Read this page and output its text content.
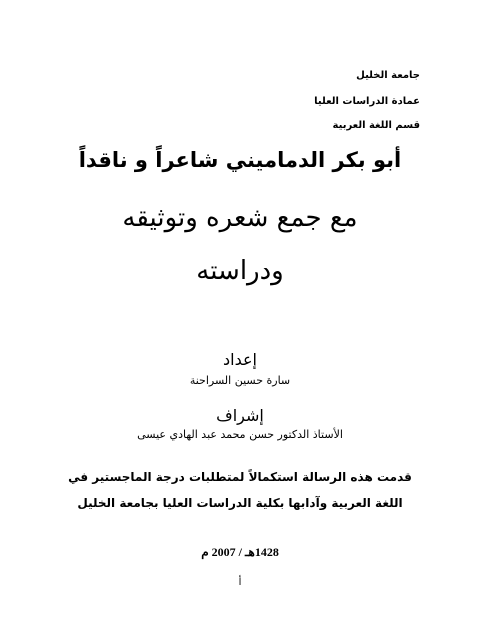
جامعة الخليل
عمادة الدراسات العليا
قسم اللغة العربية
أبو بكر الدماميني شاعراً و ناقداً
مع جمع شعره وتوثيقه
ودراسته
إعداد
سارة حسين السراحنة
إشراف
الأستاذ الدكتور حسن محمد عبد الهادي عيسى
قدمت هذه الرسالة استكمالاً لمتطلبات درجة الماجستير في
اللغة العربية وآدابها بكلية الدراسات العليا بجامعة الخليل
1428هـ / 2007 م
أ
